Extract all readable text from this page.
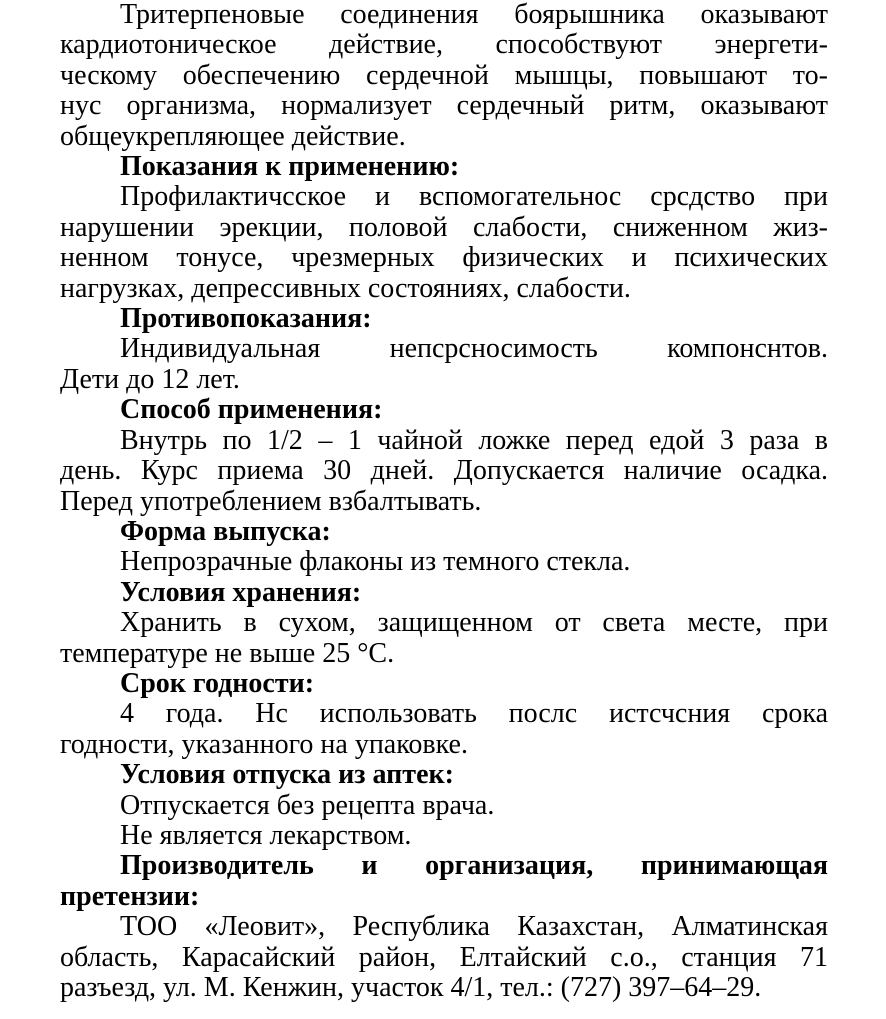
Тритерпеновые соединения боярышника оказывают
кардиотоническое действие, способствуют энергети-
ческому обеспечению сердечной мышцы, повышают то-
нус организма, нормализует сердечный ритм, оказывают
общеукрепляющее действие.
Показания к применению:
Профилактичсское и вспомогательнос срсдство при
нарушении эрекции, половой слабости, сниженном жиз-
ненном тонусе, чрезмерных физических и психических
нагрузках, депрессивных состояниях, слабости.
Противопоказания:
Индивидуальная непсрсносимость компонснтов.
Дети до 12 лет.
Способ применения:
Внутрь по 1/2 – 1 чайной ложке перед едой 3 раза в
день. Курс приема 30 дней. Допускается наличие осадка.
Перед употреблением взбалтывать.
Форма выпуска:
Непрозрачные флаконы из темного стекла.
Условия хранения:
Хранить в сухом, защищенном от света месте, при
температуре не выше 25 °С.
Срок годности:
4 года. Нс использовать послс истсчсния срока
годности, указанного на упаковке.
Условия отпуска из аптек:
Отпускается без рецепта врача.
Не является лекарством.
Производитель и организация, принимающая
претензии:
ТОО «Леовит», Республика Казахстан, Алматинская
область, Карасайский район, Елтайский с.о., станция 71
разъезд, ул. М. Кенжин, участок 4/1, тел.: (727) 397–64–29.
